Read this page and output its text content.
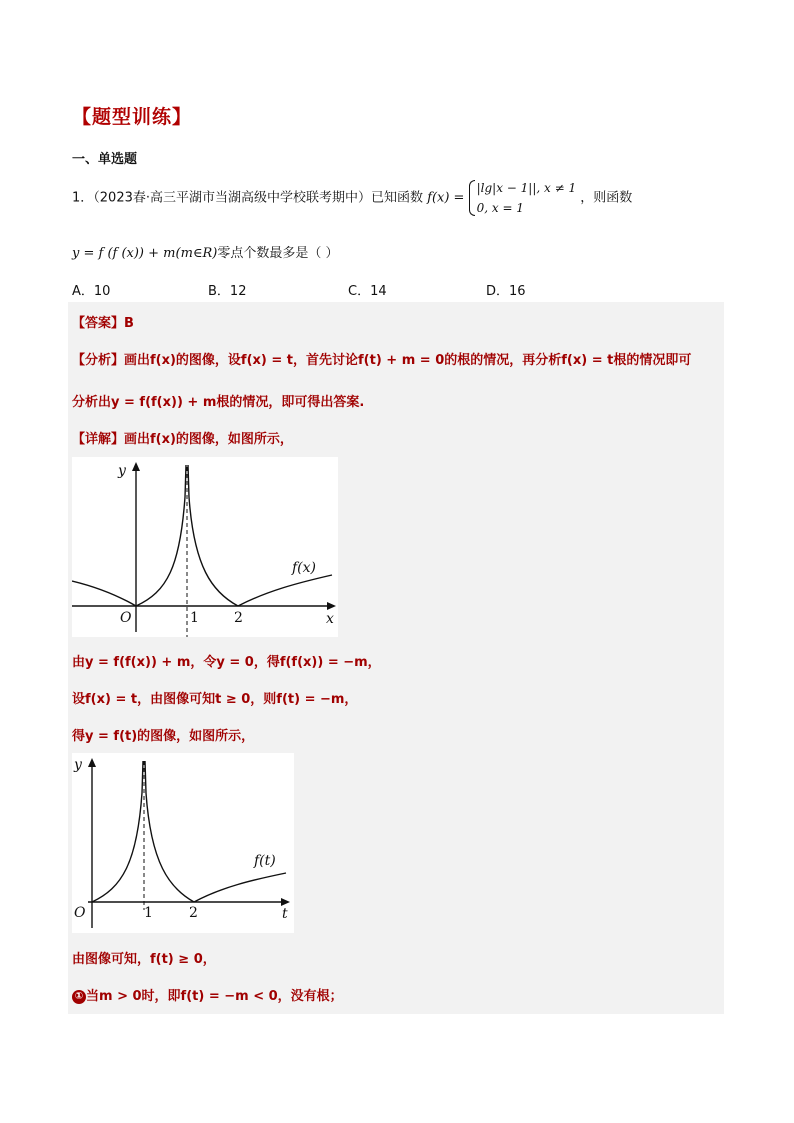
【题型训练】
一、单选题
1．（2023春·高三平湖市当湖高级中学校联考期中）已知函数 f(x) =
|lg|x − 1||, x ≠ 1
0, x = 1
，则函数
y = f (f (x)) + m(m∈R)零点个数最多是（ ）
A．10	B．12	C．14	D．16
【答案】B
【分析】画出f(x)的图像，设f(x) = t，首先讨论f(t) + m = 0的根的情况，再分析f(x) = t根的情况即可
分析出y = f(f(x)) + m根的情况，即可得出答案.
【详解】画出f(x)的图像，如图所示，
y
x
O	1	2
f(x)
由y = f(f(x)) + m，令y = 0，得f(f(x)) = −m，
设f(x) = t，由图像可知t ≥ 0，则f(t) = −m，
得y = f(t)的图像，如图所示，
y
t
O	1	2
f(t)
由图像可知，f(t) ≥ 0，
① 当m > 0时，即f(t) = −m < 0，没有根；
